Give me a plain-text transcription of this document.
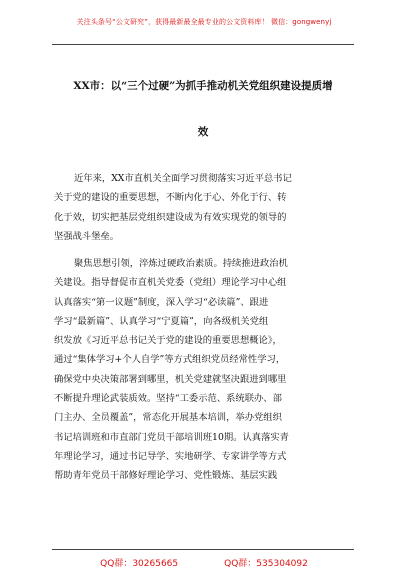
关注头条号“公文研究”，获得最新最全最专业的公文资料库！ 微信：gongwenyj
XX市：以“三个过硬”为抓手推动机关党组织建设提质增
效
近年来，XX市直机关全面学习贯彻落实习近平总书记
关于党的建设的重要思想，不断内化于心、外化于行、转
化于效，切实把基层党组织建设成为有效实现党的领导的
坚强战斗堡垒。
聚焦思想引领，淬炼过硬政治素质。持续推进政治机
关建设。指导督促市直机关党委（党组）理论学习中心组
认真落实“第一议题”制度，深入学习“必读篇”、跟进
学习“最新篇”、认真学习“宁夏篇”，向各级机关党组
织发放《习近平总书记关于党的建设的重要思想概论》，
通过“集体学习+个人自学”等方式组织党员经常性学习，
确保党中央决策部署到哪里，机关党建就坚决跟进到哪里
不断提升理论武装质效。坚持“工委示范、系统联办、部
门主办、全员覆盖”，常态化开展基本培训，举办党组织
书记培训班和市直部门党员干部培训班10期。认真落实青
年理论学习，通过书记导学、实地研学、专家讲学等方式
帮助青年党员干部修好理论学习、党性锻炼、基层实践
QQ群：30265665	QQ群：535304092
